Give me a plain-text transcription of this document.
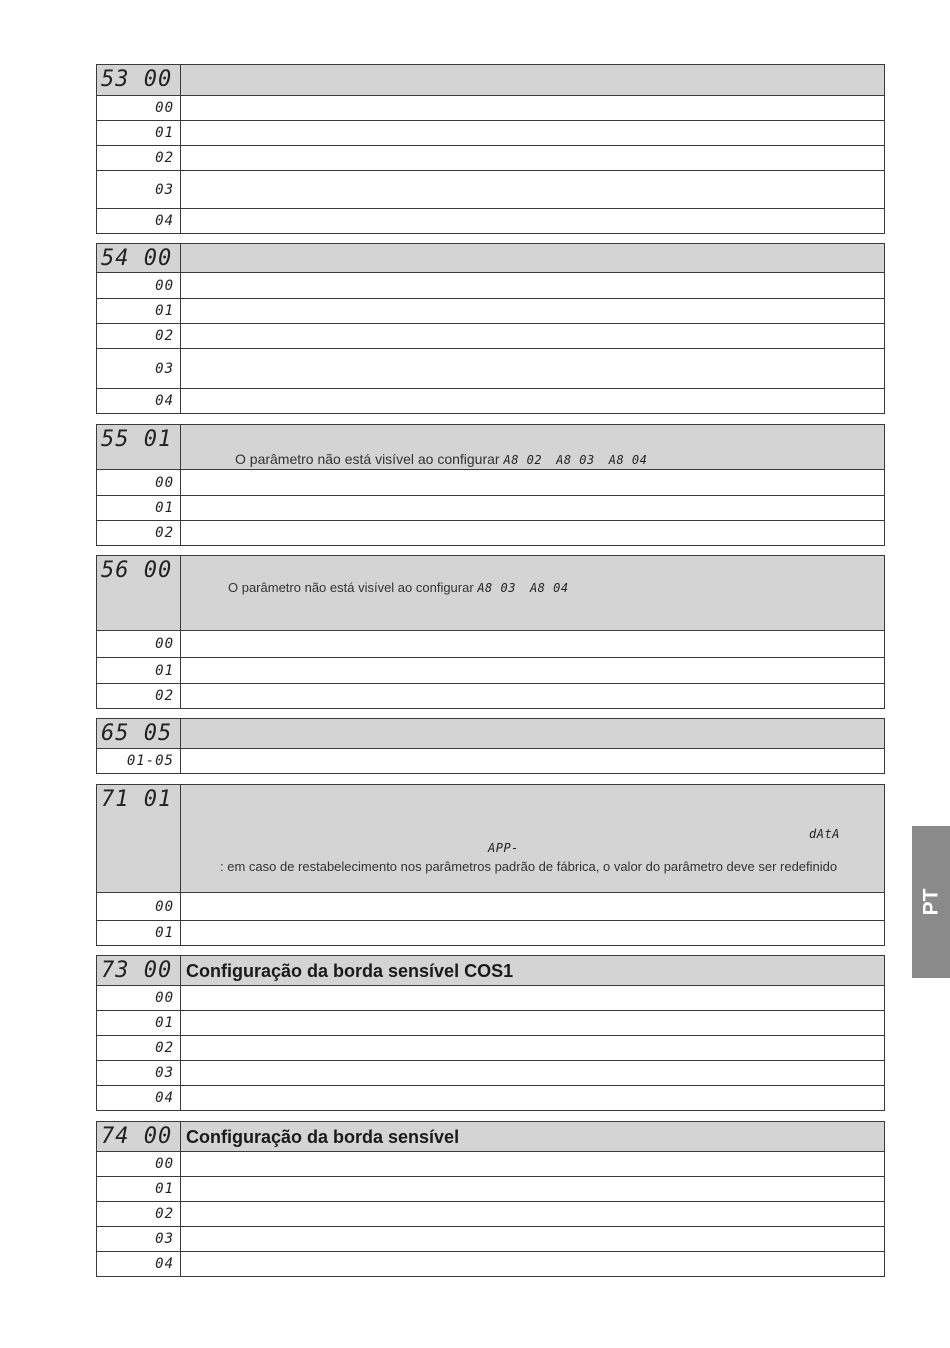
53 00	
00	
01	
02	
03	
04	
54 00	
00	
01	
02	
03	
04	
55 01	O parâmetro não está visível ao configurar A8 02 A8 03 A8 04

00	
01	
02	
56 00	O parâmetro não está visível ao configurar A8 03 A8 04

00	
01	
02	
65 05	
01-05	
71 01	dAtA
APP-
: em caso de restabelecimento nos parâmetros padrão de fábrica, o valor do parâmetro deve ser redefinido

00	
01	
73 00	Configuração da borda sensível COS1
00	
01	
02	
03	
04	
74 00	Configuração da borda sensível
00	
01	
02	
03	
04	
PT
